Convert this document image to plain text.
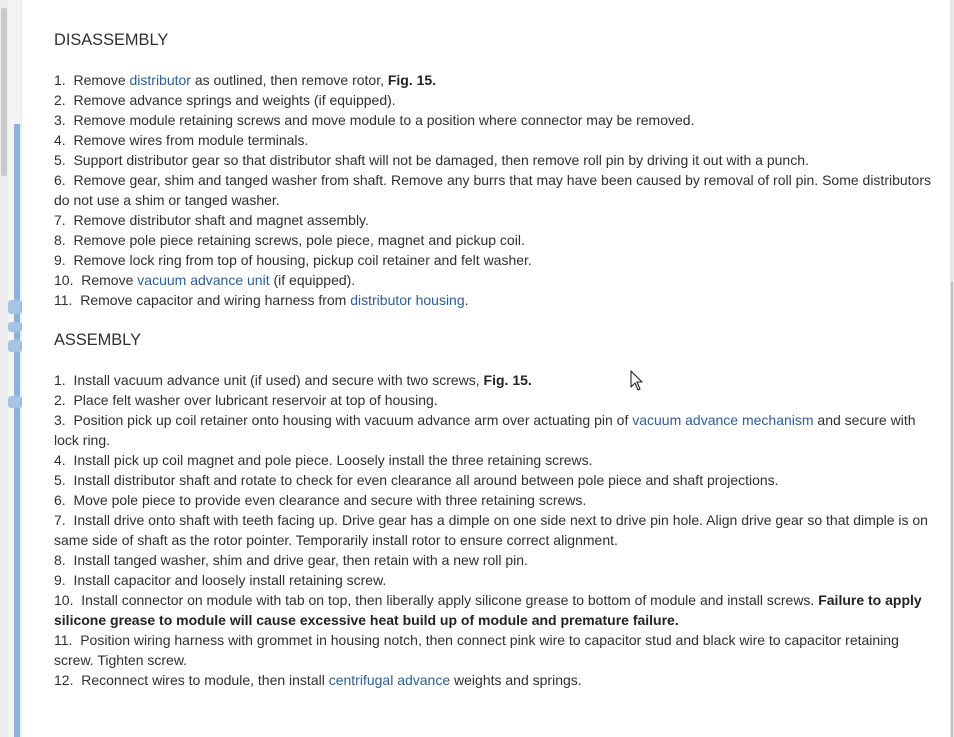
DISASSEMBLY
1. Remove distributor as outlined, then remove rotor, Fig. 15.
2. Remove advance springs and weights (if equipped).
3. Remove module retaining screws and move module to a position where connector may be removed.
4. Remove wires from module terminals.
5. Support distributor gear so that distributor shaft will not be damaged, then remove roll pin by driving it out with a punch.
6. Remove gear, shim and tanged washer from shaft. Remove any burrs that may have been caused by removal of roll pin. Some distributors do not use a shim or tanged washer.
7. Remove distributor shaft and magnet assembly.
8. Remove pole piece retaining screws, pole piece, magnet and pickup coil.
9. Remove lock ring from top of housing, pickup coil retainer and felt washer.
10. Remove vacuum advance unit (if equipped).
11. Remove capacitor and wiring harness from distributor housing.
ASSEMBLY
1. Install vacuum advance unit (if used) and secure with two screws, Fig. 15.
2. Place felt washer over lubricant reservoir at top of housing.
3. Position pick up coil retainer onto housing with vacuum advance arm over actuating pin of vacuum advance mechanism and secure with lock ring.
4. Install pick up coil magnet and pole piece. Loosely install the three retaining screws.
5. Install distributor shaft and rotate to check for even clearance all around between pole piece and shaft projections.
6. Move pole piece to provide even clearance and secure with three retaining screws.
7. Install drive onto shaft with teeth facing up. Drive gear has a dimple on one side next to drive pin hole. Align drive gear so that dimple is on same side of shaft as the rotor pointer. Temporarily install rotor to ensure correct alignment.
8. Install tanged washer, shim and drive gear, then retain with a new roll pin.
9. Install capacitor and loosely install retaining screw.
10. Install connector on module with tab on top, then liberally apply silicone grease to bottom of module and install screws. Failure to apply silicone grease to module will cause excessive heat build up of module and premature failure.
11. Position wiring harness with grommet in housing notch, then connect pink wire to capacitor stud and black wire to capacitor retaining screw. Tighten screw.
12. Reconnect wires to module, then install centrifugal advance weights and springs.
